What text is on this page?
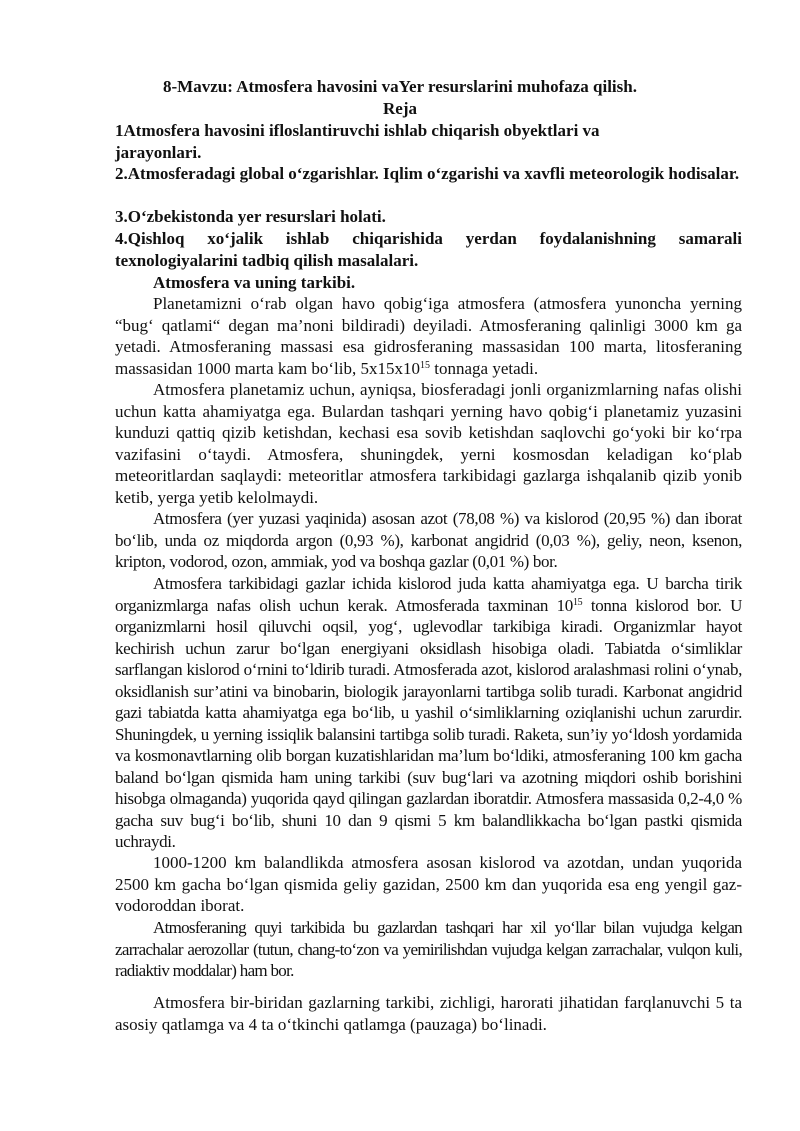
8-Mavzu: Atmosfera havosini vaYer resurslarini muhofaza qilish.
Reja
1Atmosfera havosini ifloslantiruvchi ishlab chiqarish obyektlari va jarayonlari.
2.Atmosferadagi global o‘zgarishlar. Iqlim o‘zgarishi va xavfli meteorologik hodisalar.
3.O‘zbekistonda yer resurslari holati.
4.Qishloq xo‘jalik ishlab chiqarishida yerdan foydalanishning samarali texnologiyalarini tadbiq qilish masalalari.
Atmosfera va uning tarkibi.

Planetamizni o‘rab olgan havo qobig‘iga atmosfera (atmosfera yunoncha yerning “bug‘ qatlami“ degan ma’noni bildiradi) deyiladi. Atmosferaning qalinligi 3000 km ga yetadi. Atmosferaning massasi esa gidrosferaning massasidan 100 marta, litosferaning massasidan 1000 marta kam bo‘lib, $5x15x10^{15}$ tonnaga yetadi.

Atmosfera planetamiz uchun, ayniqsa, biosferadagi jonli organizmlarning nafas olishi uchun katta ahamiyatga ega. Bulardan tashqari yerning havo qobig‘i planetamiz yuzasini kunduzi qattiq qizib ketishdan, kechasi esa sovib ketishdan saqlovchi go‘yoki bir ko‘rpa vazifasini o‘taydi. Atmosfera, shuningdek, yerni kosmosdan keladigan ko‘plab meteoritlardan saqlaydi: meteoritlar atmosfera tarkibidagi gazlarga ishqalanib qizib yonib ketib, yerga yetib kelolmaydi.

Atmosfera (yer yuzasi yaqinida) asosan azot (78,08 %) va kislorod (20,95 %) dan iborat bo‘lib, unda oz miqdorda argon (0,93 %), karbonat angidrid (0,03 %), geliy, neon, ksenon, kripton, vodorod, ozon, ammiak, yod va boshqa gazlar (0,01 %) bor.

Atmosfera tarkibidagi gazlar ichida kislorod juda katta ahamiyatga ega. U barcha tirik organizmlarga nafas olish uchun kerak. Atmosferada taxminan $10^{15}$ tonna kislorod bor. U organizmlarni hosil qiluvchi oqsil, yog‘, uglevodlar tarkibiga kiradi. Organizmlar hayot kechirish uchun zarur bo‘lgan energiyani oksidlash hisobiga oladi. Tabiatda o‘simliklar sarflangan kislorod o‘rnini to‘ldirib turadi. Atmosferada azot, kislorod aralashmasi rolini o‘ynab, oksidlanish sur’atini va binobarin, biologik jarayonlarni tartibga solib turadi. Karbonat angidrid gazi tabiatda katta ahamiyatga ega bo‘lib, u yashil o‘simliklarning oziqlanishi uchun zarurdir. Shuningdek, u yerning issiqlik balansini tartibga solib turadi. Raketa, sun’iy yo‘ldosh yordamida va kosmonavtlarning olib borgan kuzatishlaridan ma’lum bo‘ldiki, atmosferaning 100 km gacha baland bo‘lgan qismida ham uning tarkibi (suv bug‘lari va azotning miqdori oshib borishini hisobga olmaganda) yuqorida qayd qilingan gazlardan iboratdir. Atmosfera massasida 0,2-4,0 % gacha suv bug‘i bo‘lib, shuni 10 dan 9 qismi 5 km balandlikkacha bo‘lgan pastki qismida uchraydi.

1000-1200 km balandlikda atmosfera asosan kislorod va azotdan, undan yuqorida 2500 km gacha bo‘lgan qismida geliy gazidan, 2500 km dan yuqorida esa eng yengil gaz-vodoroddan iborat.

Atmosferaning quyi tarkibida bu gazlardan tashqari har xil yo‘llar bilan vujudga kelgan zarrachalar aerozollar (tutun, chang-to‘zon va yemirilishdan vujudga kelgan zarrachalar, vulqon kuli, radiaktiv moddalar) ham bor.

Atmosfera bir-biridan gazlarning tarkibi, zichligi, harorati jihatidan farqlanuvchi 5 ta asosiy qatlamga va 4 ta o‘tkinchi qatlamga (pauzaga) bo‘linadi.
